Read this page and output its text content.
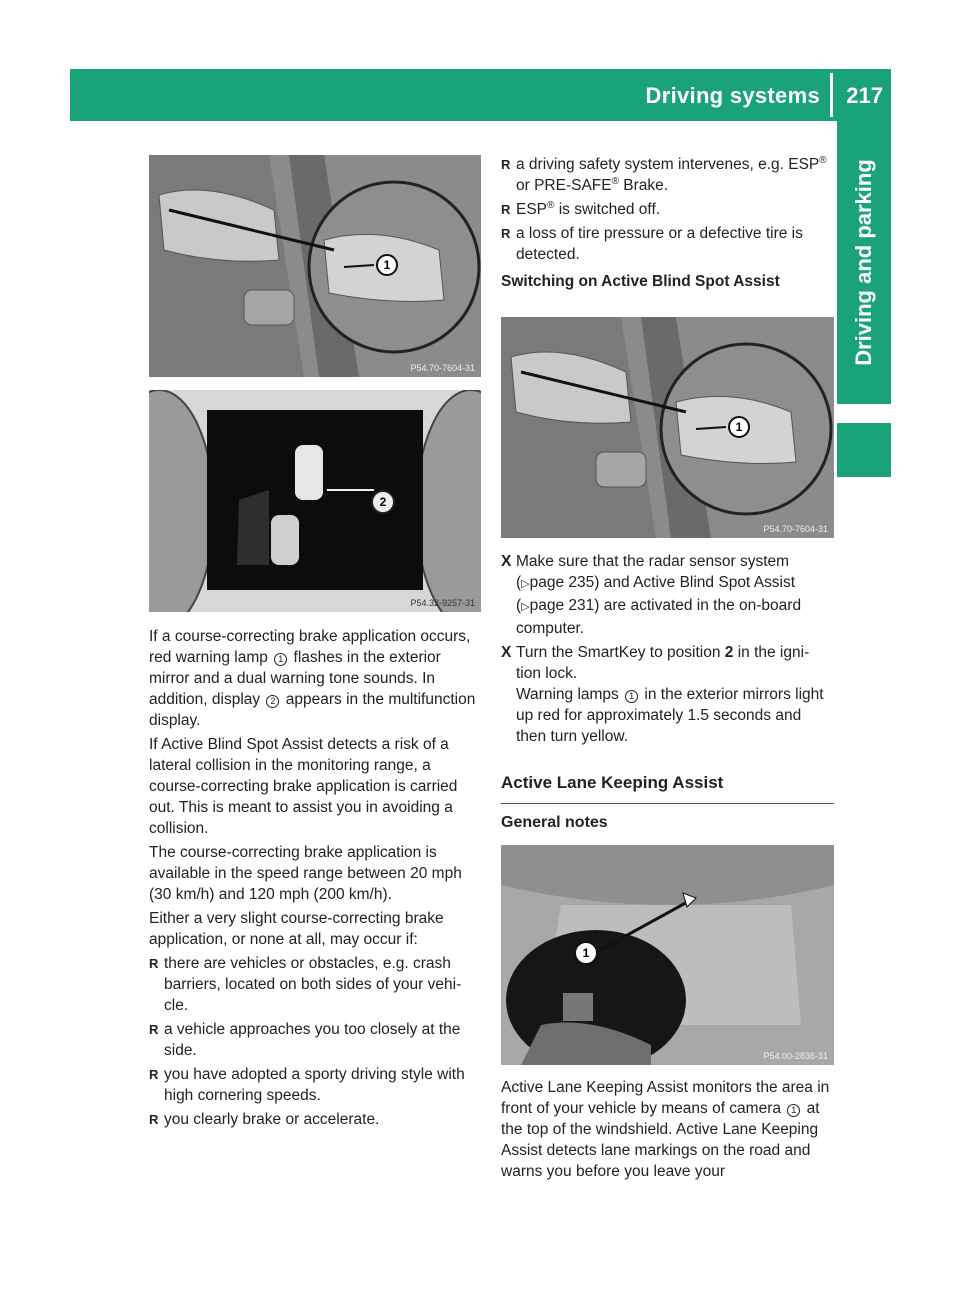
Driving systems 217
Driving and parking
1
P54.70-7604-31
2
P54.32-9257-31
1
P54.70-7604-31
1
P54.00-2836-31

If a course-correcting brake application occurs, red warning lamp 1 flashes in the exterior mirror and a dual warning tone sounds. In addition, display 2 appears in the multifunction display.

If Active Blind Spot Assist detects a risk of a lateral collision in the monitoring range, a course-correcting brake application is carried out. This is meant to assist you in avoiding a collision.

The course-correcting brake application is available in the speed range between 20 mph (30 km/h) and 120 mph (200 km/h).

Either a very slight course-correcting brake application, or none at all, may occur if:

R there are vehicles or obstacles, e.g. crash barriers, located on both sides of your vehi-cle.
R a vehicle approaches you too closely at the side.
R you have adopted a sporty driving style with high cornering speeds.
R you clearly brake or accelerate.
R a driving safety system intervenes, e.g. ESP® or PRE-SAFE® Brake.
R ESP® is switched off.
R a loss of tire pressure or a defective tire is detected.

Switching on Active Blind Spot Assist

X Make sure that the radar sensor system (▷page 235) and Active Blind Spot Assist (▷page 231) are activated in the on-board computer.
X Turn the SmartKey to position 2 in the igni-tion lock.
Warning lamps 1 in the exterior mirrors light up red for approximately 1.5 seconds and then turn yellow.
Active Lane Keeping Assist
General notes

Active Lane Keeping Assist monitors the area in front of your vehicle by means of camera 1 at the top of the windshield. Active Lane Keeping Assist detects lane markings on the road and warns you before you leave your
